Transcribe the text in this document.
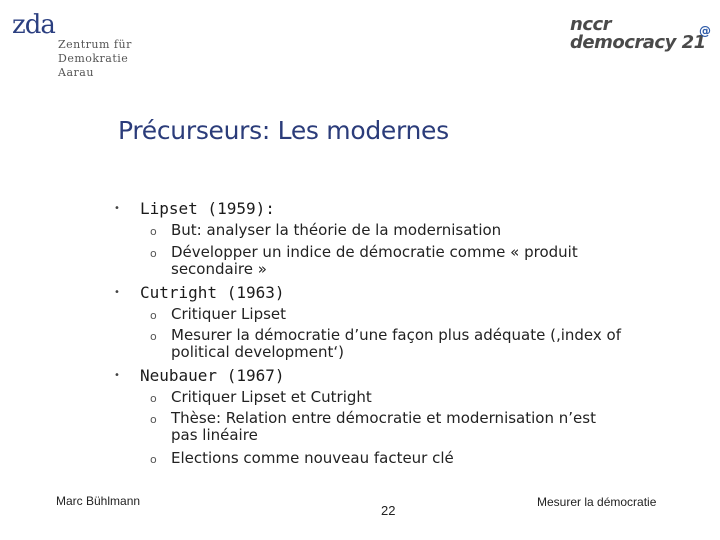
zda
Zentrum für
Demokratie
Aarau
nccr
democracy 21
@
Précurseurs: Les modernes
• Lipset (1959):
o But: analyser la théorie de la modernisation
o Développer un indice de démocratie comme « produit
secondaire »
• Cutright (1963)
o Critiquer Lipset
o Mesurer la démocratie d’une façon plus adéquate (‚index of
political development‘)
• Neubauer (1967)
o Critiquer Lipset et Cutright
o Thèse: Relation entre démocratie et modernisation n’est
pas linéaire
o Elections comme nouveau facteur clé
Marc Bühlmann
22
Mesurer la démocratie
